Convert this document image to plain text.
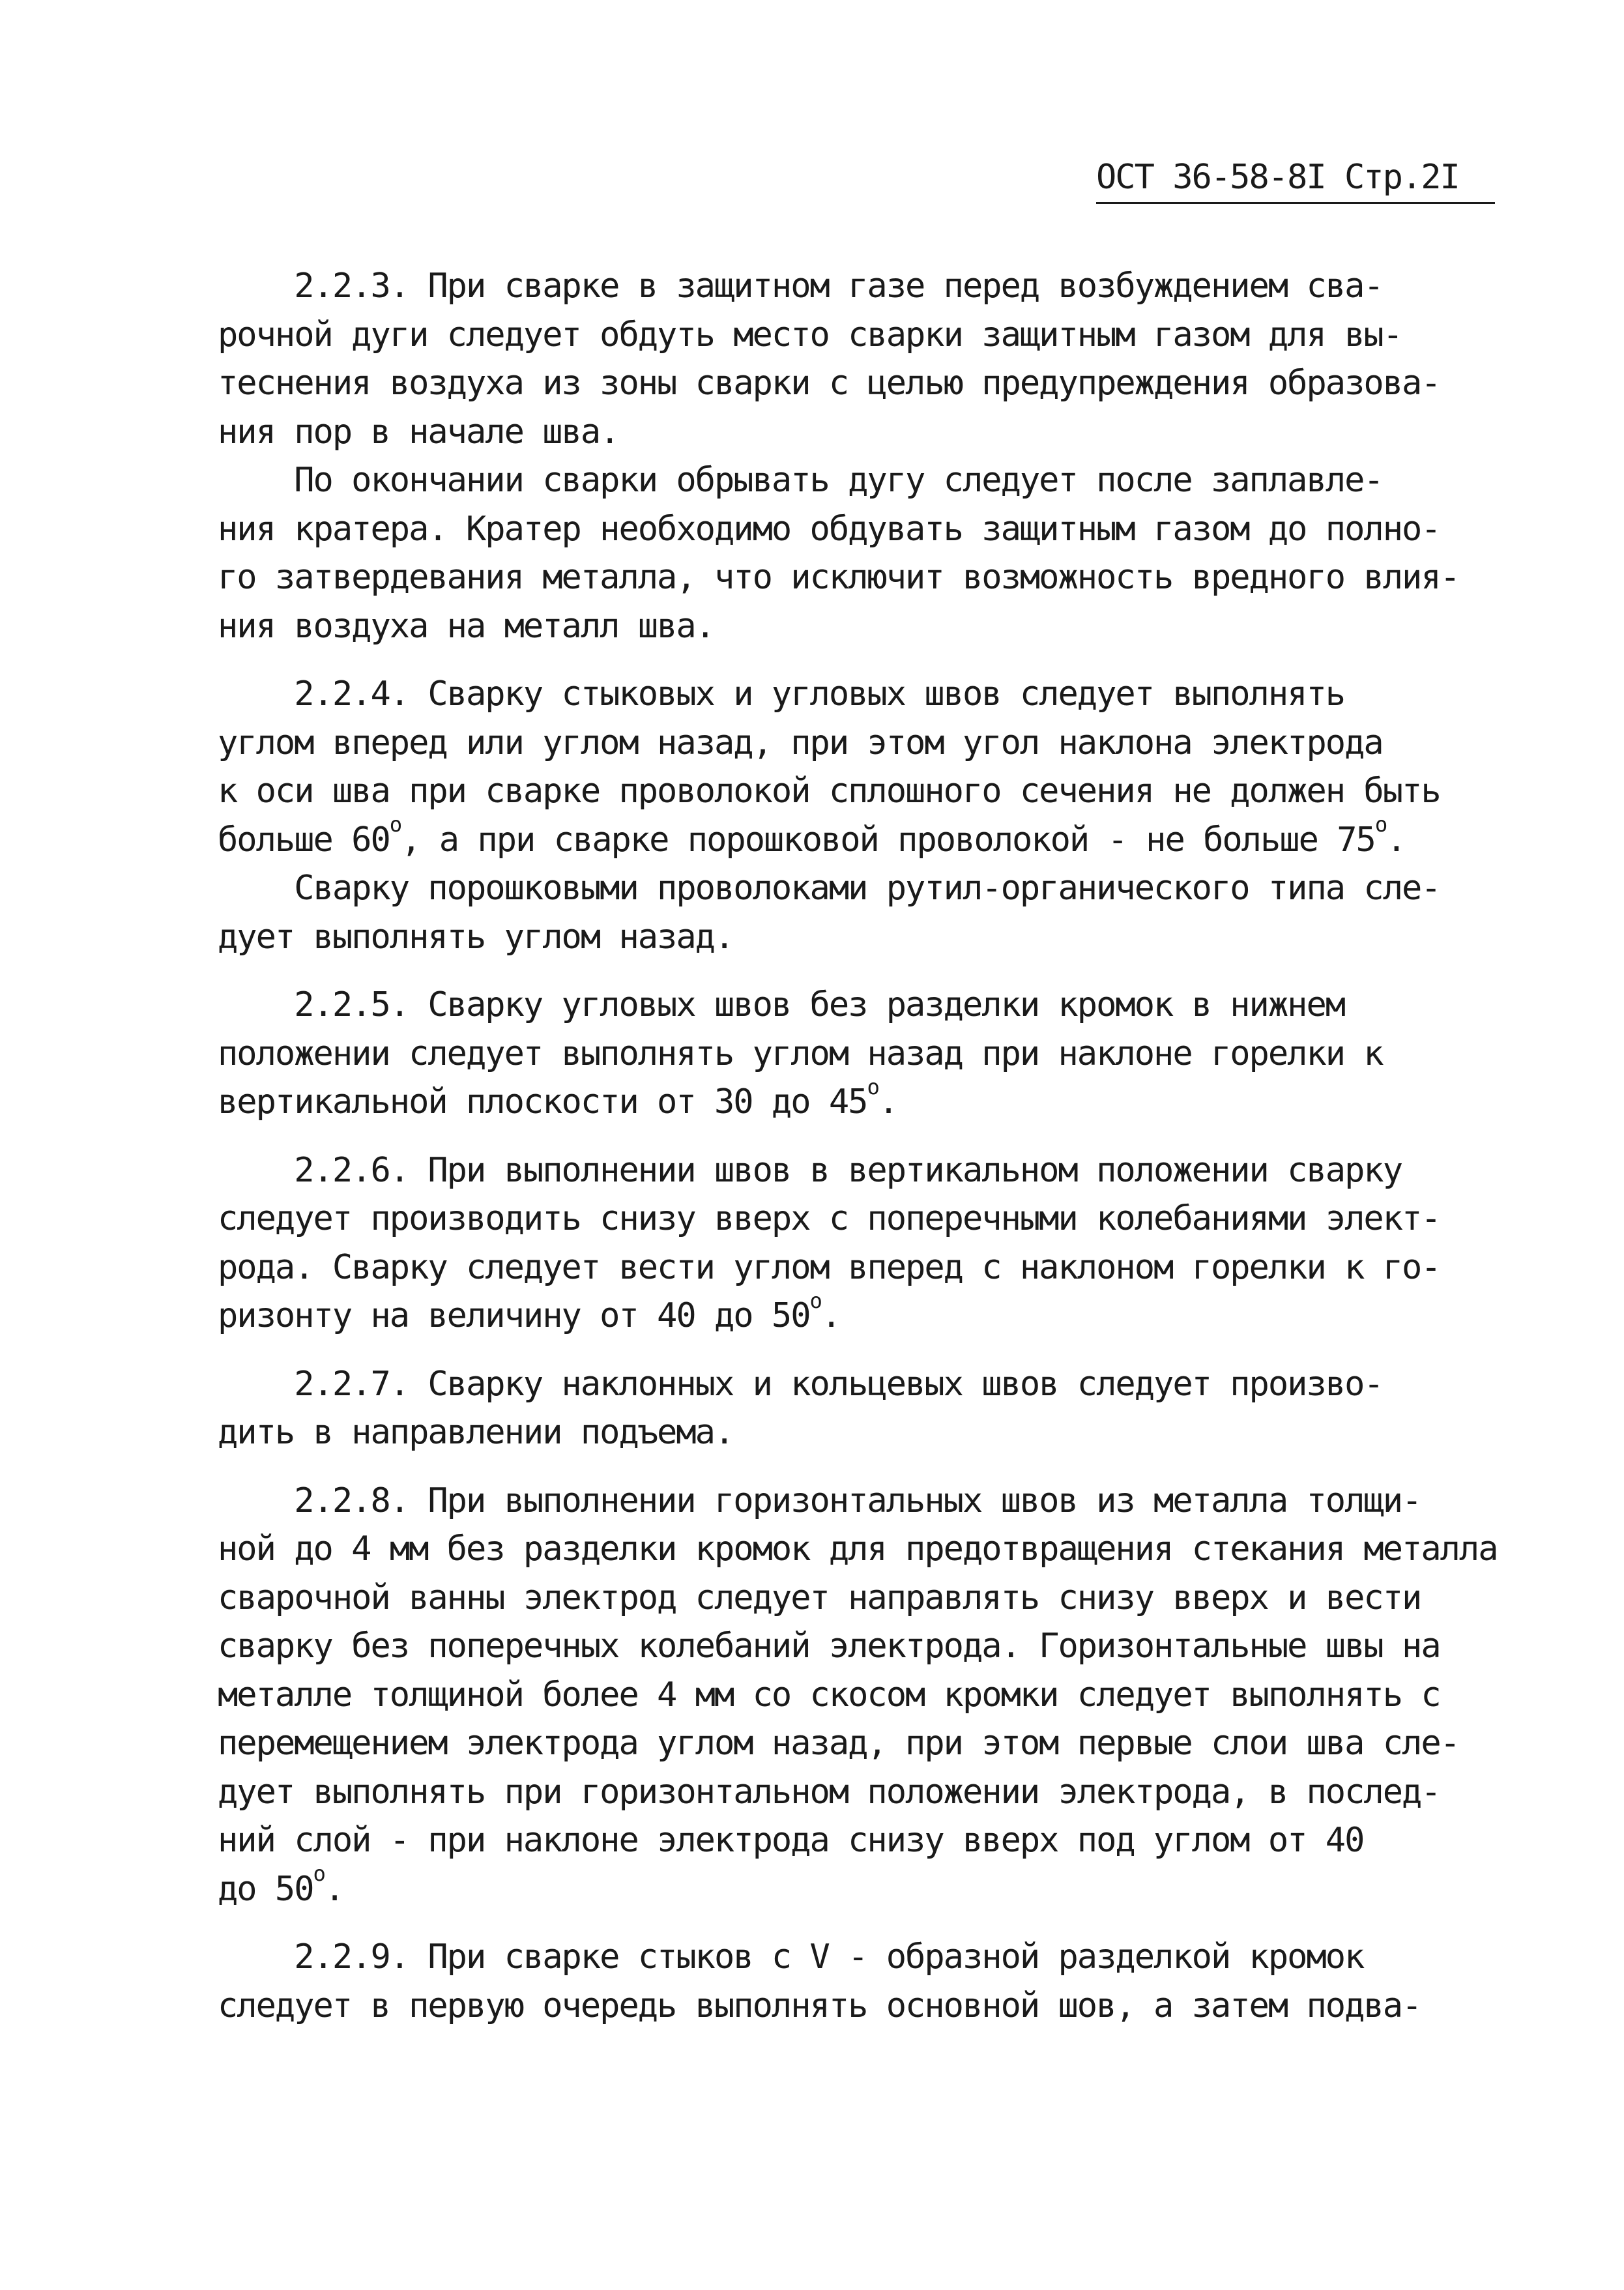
ОСТ 36-58-8I Стр.2I
2.2.3. При сварке в защитном газе перед возбуждением сва-
рочной дуги следует обдуть место сварки защитным газом для вы-
теснения воздуха из зоны сварки с целью предупреждения образова-
ния пор в начале шва.
По окончании сварки обрывать дугу следует после заплавле-
ния кратера. Кратер необходимо обдувать защитным газом до полно-
го затвердевания металла, что исключит возможность вредного влия-
ния воздуха на металл шва.
2.2.4. Сварку стыковых и угловых швов следует выполнять
углом вперед или углом назад, при этом угол наклона электрода
к оси шва при сварке проволокой сплошного сечения не должен быть
больше $60^о$, а при сварке порошковой проволокой - не больше $75^о$.
Сварку порошковыми проволоками рутил-органического типа сле-
дует выполнять углом назад.
2.2.5. Сварку угловых швов без разделки кромок в нижнем
положении следует выполнять углом назад при наклоне горелки к
вертикальной плоскости от 30 до $45^о$.
2.2.6. При выполнении швов в вертикальном положении сварку
следует производить снизу вверх с поперечными колебаниями элект-
рода. Сварку следует вести углом вперед с наклоном горелки к го-
ризонту на величину от 40 до $50^о$.
2.2.7. Сварку наклонных и кольцевых швов следует произво-
дить в направлении подъема.
2.2.8. При выполнении горизонтальных швов из металла толщи-
ной до 4 мм без разделки кромок для предотвращения стекания металла
сварочной ванны электрод следует направлять снизу вверх и вести
сварку без поперечных колебаний электрода. Горизонтальные швы на
металле толщиной более 4 мм со скосом кромки следует выполнять с
перемещением электрода углом назад, при этом первые слои шва сле-
дует выполнять при горизонтальном положении электрода, в послед-
ний слой - при наклоне электрода снизу вверх под углом от 40
до $50^о$.
2.2.9. При сварке стыков с V - образной разделкой кромок
следует в первую очередь выполнять основной шов, а затем подва-
